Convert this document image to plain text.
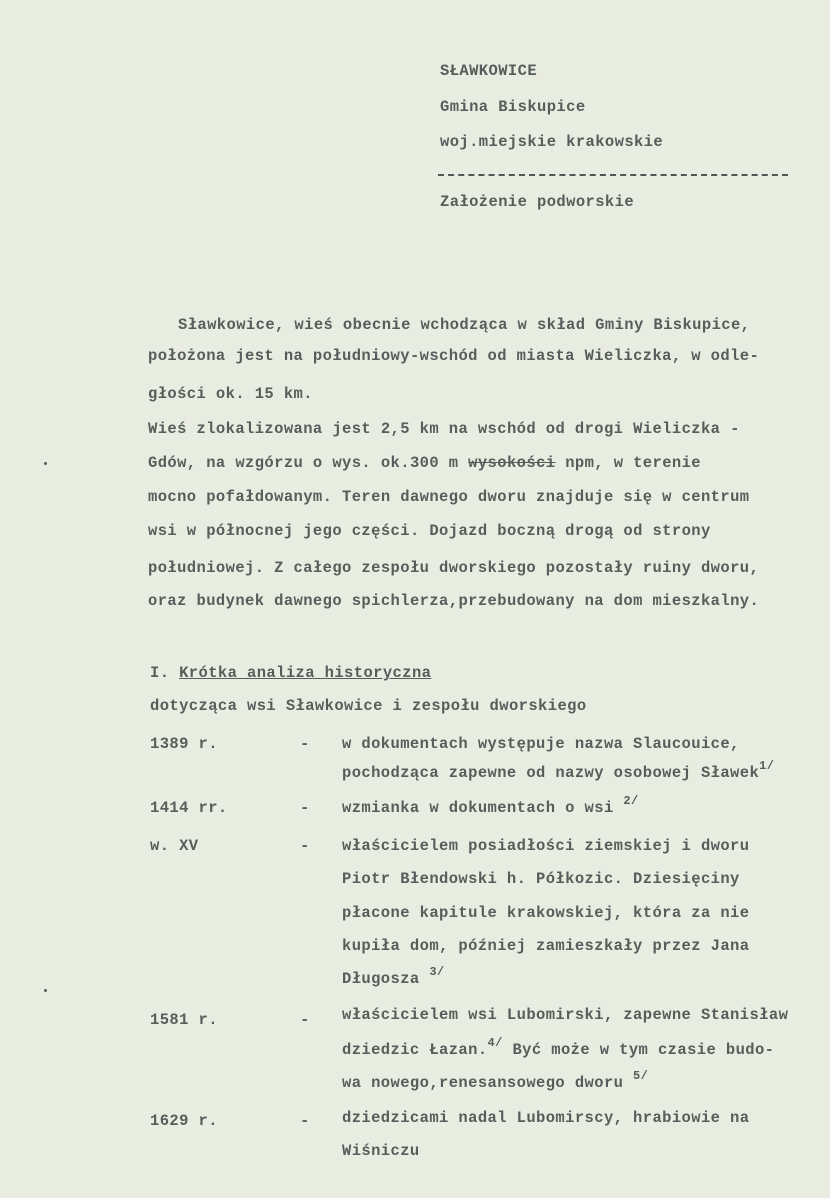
SŁAWKOWICE
Gmina Biskupice
woj.miejskie krakowskie
Założenie podworskie
Sławkowice, wieś obecnie wchodząca w skład Gminy Biskupice,
położona jest na południowy-wschód od miasta Wieliczka, w odle-
głości ok. 15 km.
Wieś zlokalizowana jest 2,5 km na wschód od drogi Wieliczka -
Gdów, na wzgórzu o wys. ok.300 m wysokości npm, w terenie
mocno pofałdowanym. Teren dawnego dworu znajduje się w centrum
wsi w północnej jego części. Dojazd boczną drogą od strony
południowej. Z całego zespołu dworskiego pozostały ruiny dworu,
oraz budynek dawnego spichlerza,przebudowany na dom mieszkalny.
I. Krótka analiza historyczna
dotycząca wsi Sławkowice i zespołu dworskiego
1389 r.	- w dokumentach występuje nazwa Slaucouice,
pochodząca zapewne od nazwy osobowej Sławek$^{1/}$
1414 rr.	- wzmianka w dokumentach o wsi $^{2/}$
w. XV	- właścicielem posiadłości ziemskiej i dworu
Piotr Błendowski h. Półkozic. Dziesięciny
płacone kapitule krakowskiej, która za nie
kupiła dom, później zamieszkały przez Jana
Długosza $^{3/}$
1581 r.	- właścicielem wsi Lubomirski, zapewne Stanisław
dziedzic Łazan.$^{4/}$ Być może w tym czasie budo-
wa nowego,renesansowego dworu $^{5/}$
1629 r.	- dziedzicami nadal Lubomirscy, hrabiowie na
Wiśniczu
